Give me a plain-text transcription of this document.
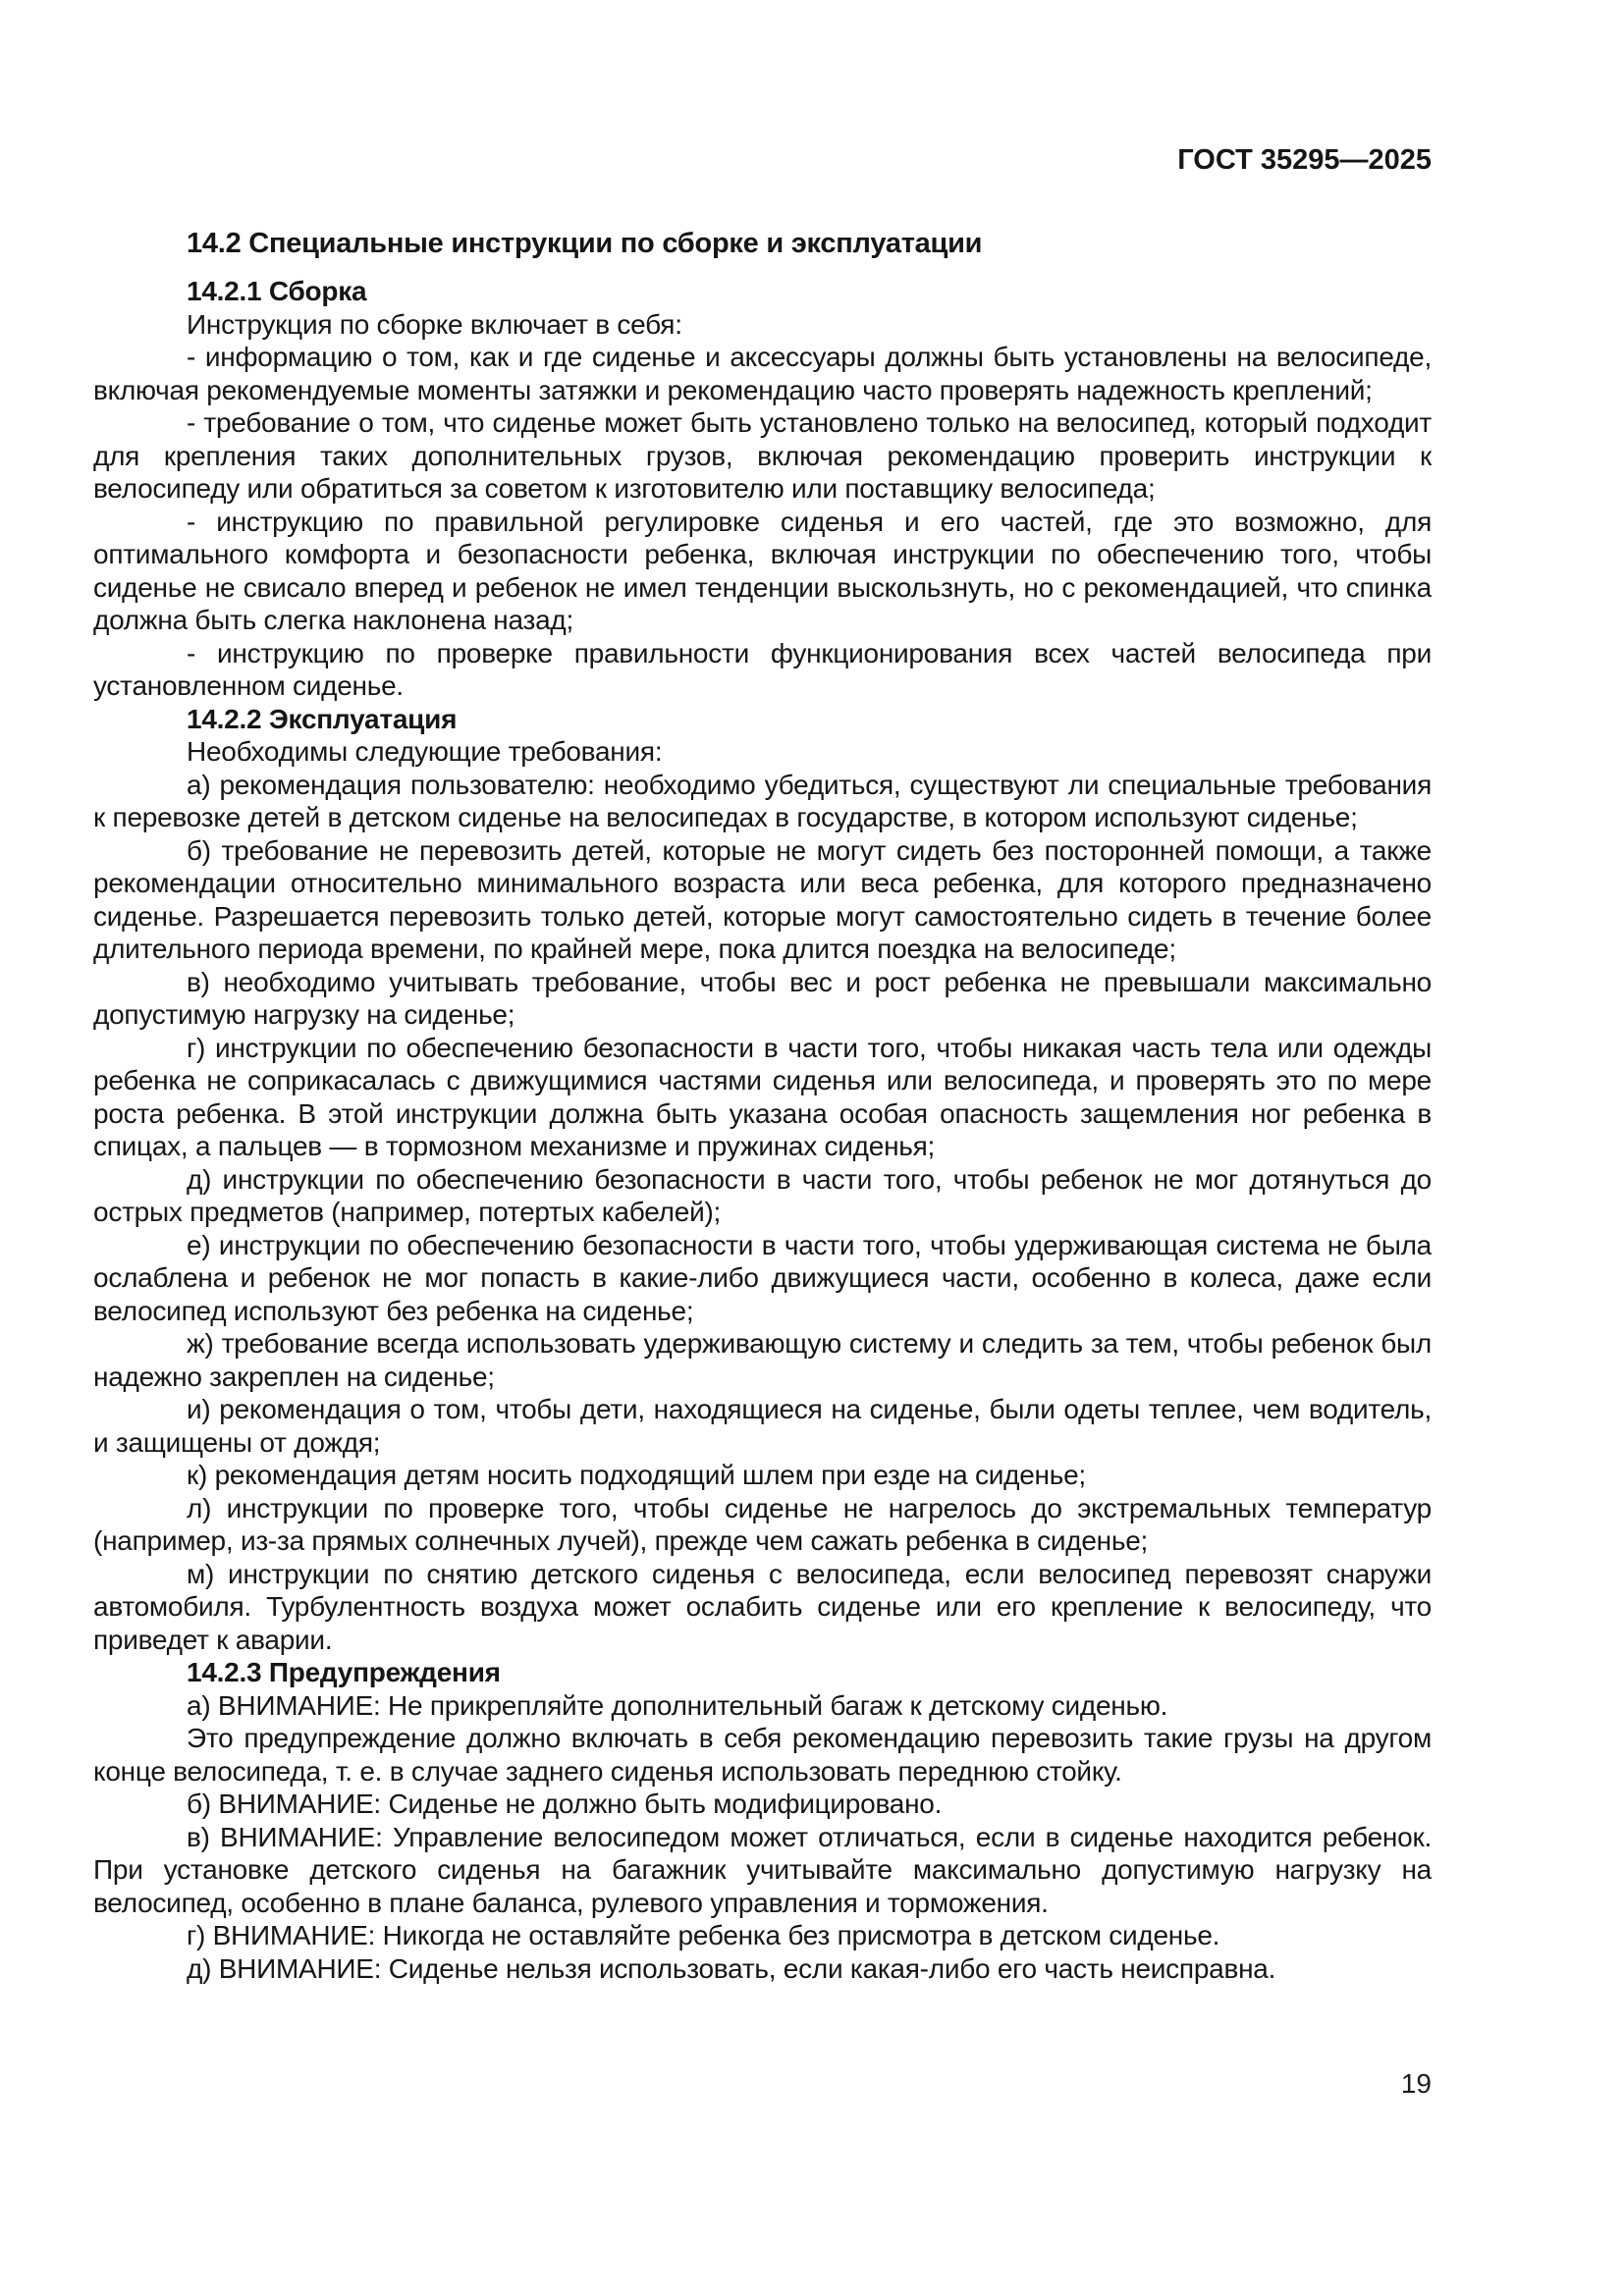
ГОСТ 35295—2025
14.2 Специальные инструкции по сборке и эксплуатации
14.2.1 Сборка

Инструкция по сборке включает в себя:

- информацию о том, как и где сиденье и аксессуары должны быть установлены на велосипеде, включая рекомендуемые моменты затяжки и рекомендацию часто проверять надежность креплений;

- требование о том, что сиденье может быть установлено только на велосипед, который подходит для крепления таких дополнительных грузов, включая рекомендацию проверить инструкции к велосипеду или обратиться за советом к изготовителю или поставщику велосипеда;

- инструкцию по правильной регулировке сиденья и его частей, где это возможно, для оптимального комфорта и безопасности ребенка, включая инструкции по обеспечению того, чтобы сиденье не свисало вперед и ребенок не имел тенденции выскользнуть, но с рекомендацией, что спинка должна быть слегка наклонена назад;

- инструкцию по проверке правильности функционирования всех частей велосипеда при установленном сиденье.

14.2.2 Эксплуатация

Необходимы следующие требования:

а) рекомендация пользователю: необходимо убедиться, существуют ли специальные требования к перевозке детей в детском сиденье на велосипедах в государстве, в котором используют сиденье;

б) требование не перевозить детей, которые не могут сидеть без посторонней помощи, а также рекомендации относительно минимального возраста или веса ребенка, для которого предназначено сиденье. Разрешается перевозить только детей, которые могут самостоятельно сидеть в течение более длительного периода времени, по крайней мере, пока длится поездка на велосипеде;

в) необходимо учитывать требование, чтобы вес и рост ребенка не превышали максимально допустимую нагрузку на сиденье;

г) инструкции по обеспечению безопасности в части того, чтобы никакая часть тела или одежды ребенка не соприкасалась с движущимися частями сиденья или велосипеда, и проверять это по мере роста ребенка. В этой инструкции должна быть указана особая опасность защемления ног ребенка в спицах, а пальцев — в тормозном механизме и пружинах сиденья;

д) инструкции по обеспечению безопасности в части того, чтобы ребенок не мог дотянуться до острых предметов (например, потертых кабелей);

е) инструкции по обеспечению безопасности в части того, чтобы удерживающая система не была ослаблена и ребенок не мог попасть в какие-либо движущиеся части, особенно в колеса, даже если велосипед используют без ребенка на сиденье;

ж) требование всегда использовать удерживающую систему и следить за тем, чтобы ребенок был надежно закреплен на сиденье;

и) рекомендация о том, чтобы дети, находящиеся на сиденье, были одеты теплее, чем водитель, и защищены от дождя;

к) рекомендация детям носить подходящий шлем при езде на сиденье;

л) инструкции по проверке того, чтобы сиденье не нагрелось до экстремальных температур (например, из-за прямых солнечных лучей), прежде чем сажать ребенка в сиденье;

м) инструкции по снятию детского сиденья с велосипеда, если велосипед перевозят снаружи автомобиля. Турбулентность воздуха может ослабить сиденье или его крепление к велосипеду, что приведет к аварии.

14.2.3 Предупреждения

а) ВНИМАНИЕ: Не прикрепляйте дополнительный багаж к детскому сиденью.

Это предупреждение должно включать в себя рекомендацию перевозить такие грузы на другом конце велосипеда, т. е. в случае заднего сиденья использовать переднюю стойку.

б) ВНИМАНИЕ: Сиденье не должно быть модифицировано.

в) ВНИМАНИЕ: Управление велосипедом может отличаться, если в сиденье находится ребенок. При установке детского сиденья на багажник учитывайте максимально допустимую нагрузку на велосипед, особенно в плане баланса, рулевого управления и торможения.

г) ВНИМАНИЕ: Никогда не оставляйте ребенка без присмотра в детском сиденье.

д) ВНИМАНИЕ: Сиденье нельзя использовать, если какая-либо его часть неисправна.

19
